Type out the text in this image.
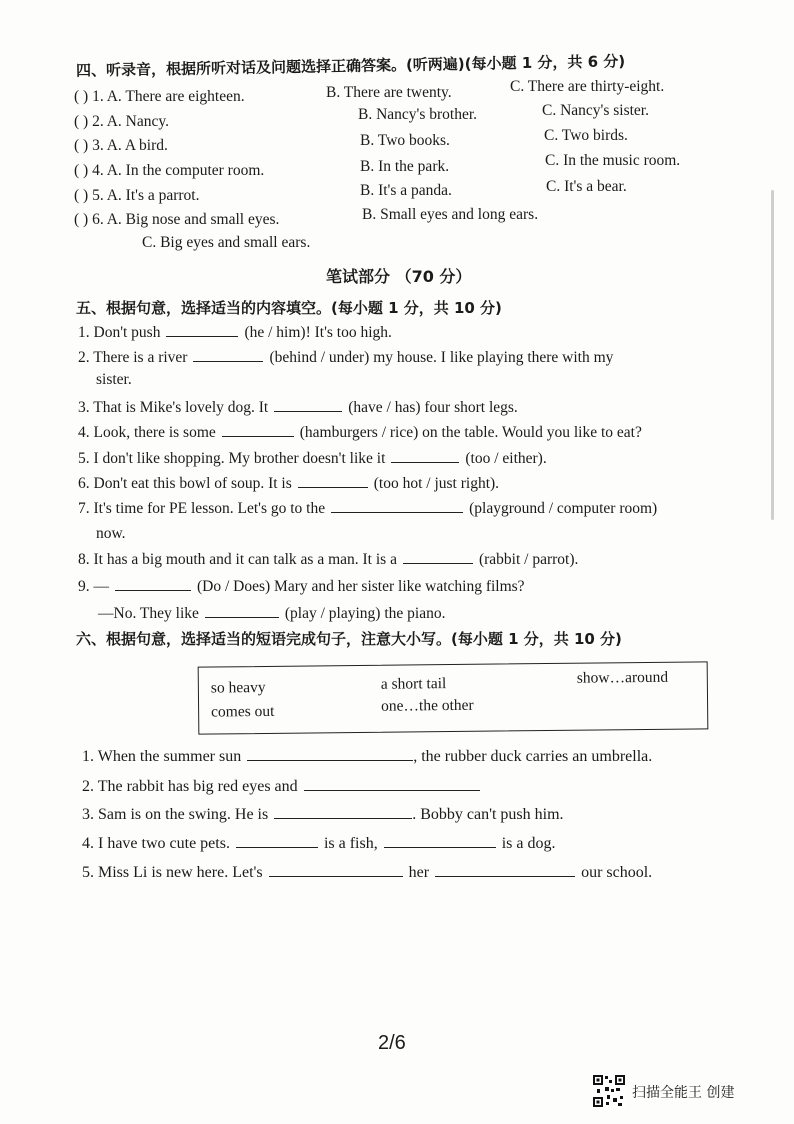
四、听录音，根据所听对话及问题选择正确答案。(听两遍)(每小题 1 分，共 6 分)
( ) 1. A. There are eighteen.	B. There are twenty.	C. There are thirty-eight.
( ) 2. A. Nancy.	B. Nancy's brother.	C. Nancy's sister.
( ) 3. A. A bird.	B. Two books.	C. Two birds.
( ) 4. A. In the computer room.	B. In the park.	C. In the music room.
( ) 5. A. It's a parrot.	B. It's a panda.	C. It's a bear.
( ) 6. A. Big nose and small eyes.	B. Small eyes and long ears.
C. Big eyes and small ears.
笔试部分 （70 分）
五、根据句意，选择适当的内容填空。(每小题 1 分，共 10 分)
1. Don't push	(he / him)! It's too high.
2. There is a river	(behind / under) my house. I like playing there with my
sister.
3. That is Mike's lovely dog. It	(have / has) four short legs.
4. Look, there is some	(hamburgers / rice) on the table. Would you like to eat?
5. I don't like shopping. My brother doesn't like it	(too / either).
6. Don't eat this bowl of soup. It is	(too hot / just right).
7. It's time for PE lesson. Let's go to the	(playground / computer room)
now.
8. It has a big mouth and it can talk as a man. It is a	(rabbit / parrot).
9. —	(Do / Does) Mary and her sister like watching films?
—No. They like	(play / playing) the piano.
六、根据句意，选择适当的短语完成句子，注意大小写。(每小题 1 分，共 10 分)
so heavy	a short tail	show…around
comes out	one…the other
1. When the summer sun	, the rubber duck carries an umbrella.
2. The rabbit has big red eyes and
3. Sam is on the swing. He is	. Bobby can't push him.
4. I have two cute pets.	is a fish,	is a dog.
5. Miss Li is new here. Let's	her	our school.
2/6
扫描全能王 创建
